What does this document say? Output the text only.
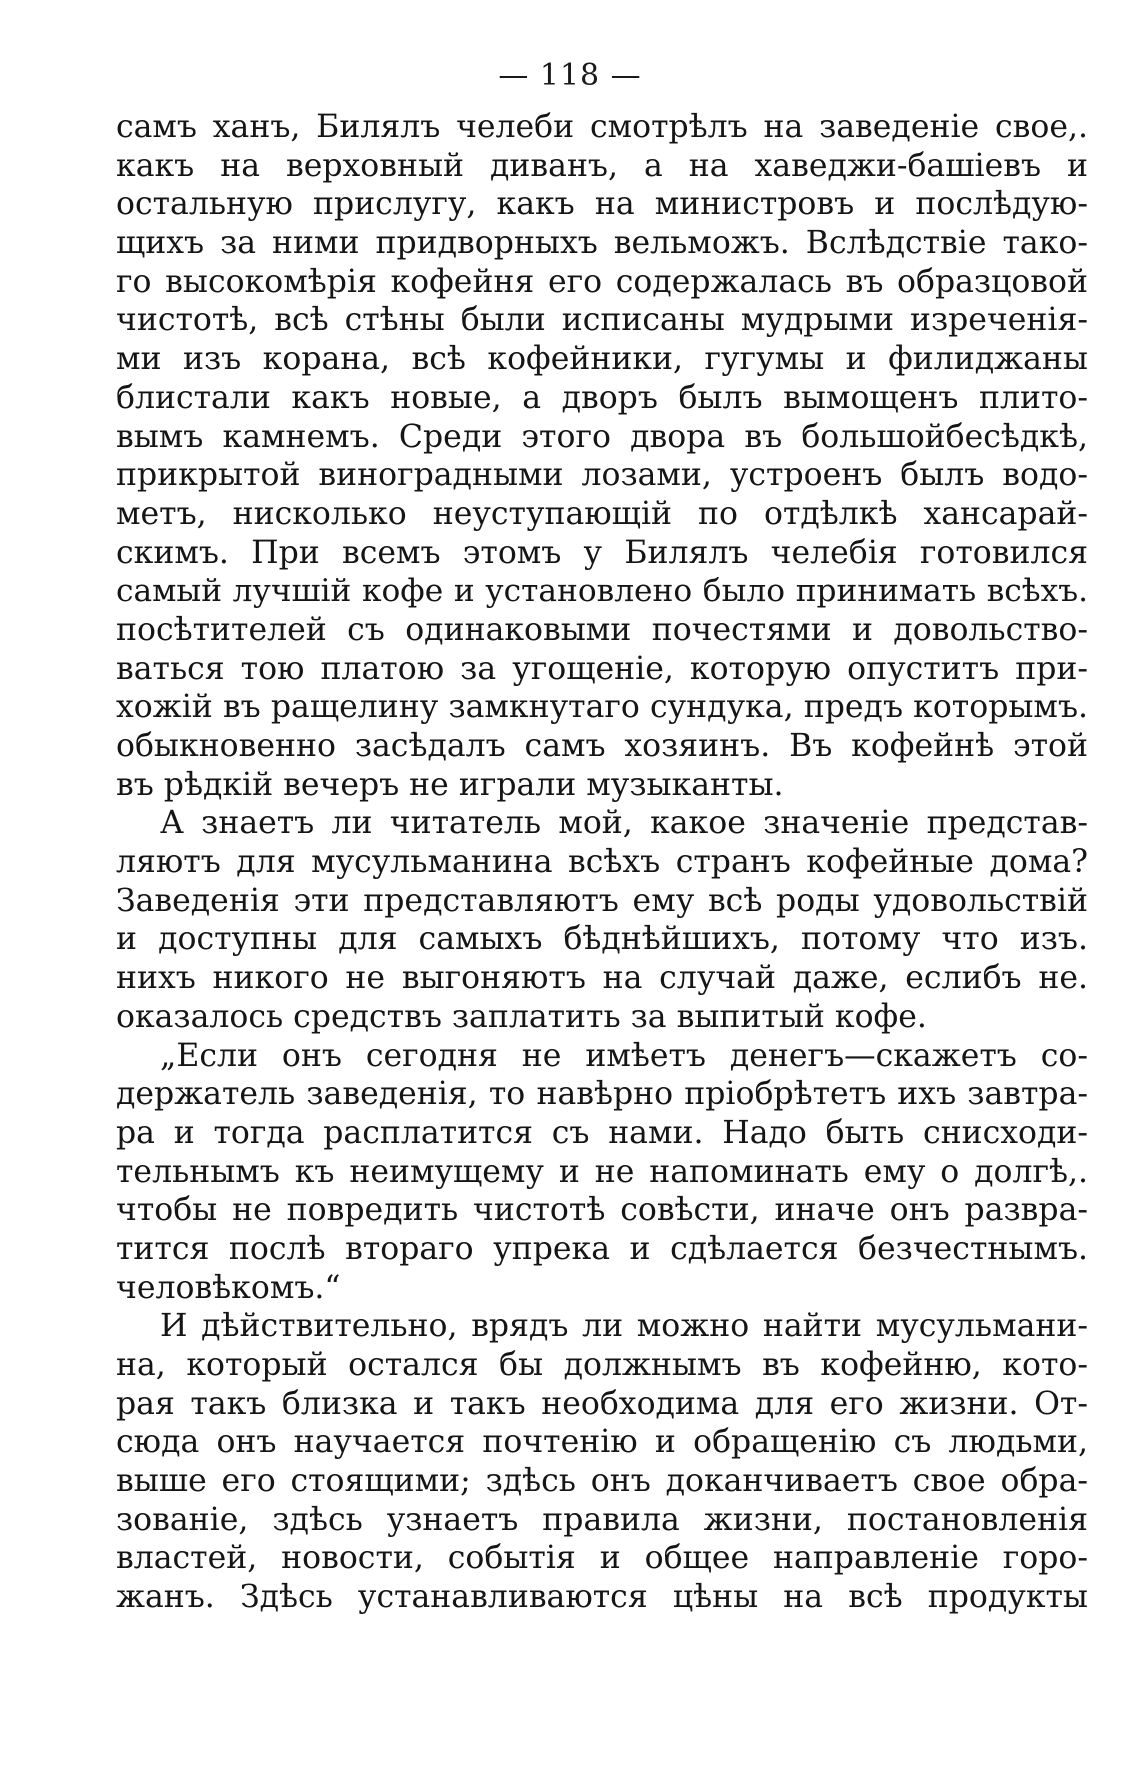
— 118 —
самъ ханъ, Билялъ челеби смотрѣлъ на заведеніе свое,.
какъ на верховный диванъ, а на хаведжи-башіевъ и
остальную прислугу, какъ на министровъ и послѣдую-
щихъ за ними придворныхъ вельможъ. Вслѣдствіе тако-
го высокомѣрія кофейня его содержалась въ образцовой
чистотѣ, всѣ стѣны были исписаны мудрыми изреченія-
ми изъ корана, всѣ кофейники, гугумы и филиджаны
блистали какъ новые, а дворъ былъ вымощенъ плито-
вымъ камнемъ. Среди этого двора въ большойбесѣдкѣ,
прикрытой виноградными лозами, устроенъ былъ водо-
метъ, нисколько неуступающій по отдѣлкѣ хансарай-
скимъ. При всемъ этомъ у Билялъ челебія готовился
самый лучшій кофе и установлено было принимать всѣхъ.
посѣтителей съ одинаковыми почестями и довольство-
ваться тою платою за угощеніе, которую опуститъ при-
хожій въ ращелину замкнутаго сундука, предъ которымъ.
обыкновенно засѣдалъ самъ хозяинъ. Въ кофейнѣ этой
въ рѣдкій вечеръ не играли музыканты.
А знаетъ ли читатель мой, какое значеніе представ-
ляютъ для мусульманина всѣхъ странъ кофейные дома?
Заведенія эти представляютъ ему всѣ роды удовольствій
и доступны для самыхъ бѣднѣйшихъ, потому что изъ.
нихъ никого не выгоняютъ на случай даже, еслибъ не.
оказалось средствъ заплатить за выпитый кофе.
„Если онъ сегодня не имѣетъ денегъ—скажетъ со-
держатель заведенія, то навѣрно пріобрѣтетъ ихъ завтра-
ра и тогда расплатится съ нами. Надо быть снисходи-
тельнымъ къ неимущему и не напоминать ему о долгѣ,.
чтобы не повредить чистотѣ совѣсти, иначе онъ развра-
тится послѣ втораго упрека и сдѣлается безчестнымъ.
человѣкомъ.“
И дѣйствительно, врядъ ли можно найти мусульмани-
на, который остался бы должнымъ въ кофейню, кото-
рая такъ близка и такъ необходима для его жизни. От-
сюда онъ научается почтенію и обращенію съ людьми,
выше его стоящими; здѣсь онъ доканчиваетъ свое обра-
зованіе, здѣсь узнаетъ правила жизни, постановленія
властей, новости, событія и общее направленіе горо-
жанъ. Здѣсь устанавливаются цѣны на всѣ продукты
